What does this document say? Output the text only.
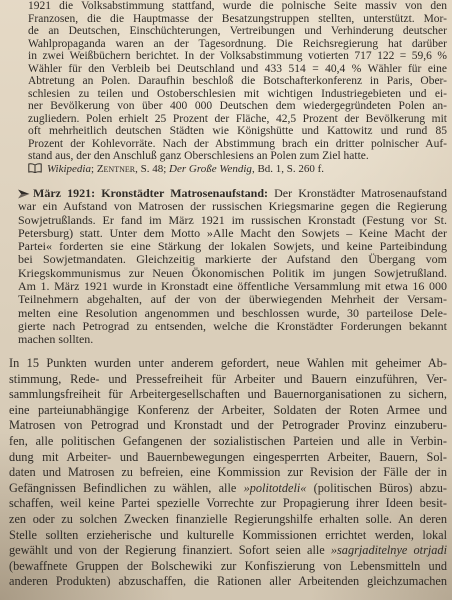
1921 die Volksabstimmung stattfand, wurde die polnische Seite massiv von den
Franzosen, die die Hauptmasse der Besatzungstruppen stellten, unterstützt. Mor-
de an Deutschen, Einschüchterungen, Vertreibungen und Verhinderung deutscher
Wahlpropaganda waren an der Tagesordnung. Die Reichsregierung hat darüber
in zwei Weißbüchern berichtet. In der Volksabstimmung votierten 717 122 = 59,6 %
Wähler für den Verbleib bei Deutschland und 433 514 = 40,4 % Wähler für eine
Abtretung an Polen. Daraufhin beschloß die Botschafterkonferenz in Paris, Ober-
schlesien zu teilen und Ostoberschlesien mit wichtigen Industriegebieten und ei-
ner Bevölkerung von über 400 000 Deutschen dem wiedergegründeten Polen an-
zugliedern. Polen erhielt 25 Prozent der Fläche, 42,5 Prozent der Bevölkerung mit
oft mehrheitlich deutschen Städten wie Königshütte und Kattowitz und rund 85
Prozent der Kohlevorräte. Nach der Abstimmung brach ein dritter polnischer Auf-
stand aus, der den Anschluß ganz Oberschlesiens an Polen zum Ziel hatte.
Wikipedia; Zentner, S. 48; Der Große Wendig, Bd. 1, S. 260 f.
März 1921: Kronstädter Matrosenaufstand: Der Kronstädter Matrosenaufstand
war ein Aufstand von Matrosen der russischen Kriegsmarine gegen die Regierung
Sowjetrußlands. Er fand im März 1921 im russischen Kronstadt (Festung vor St.
Petersburg) statt. Unter dem Motto »Alle Macht den Sowjets – Keine Macht der
Partei« forderten sie eine Stärkung der lokalen Sowjets, und keine Parteibindung
bei Sowjetmandaten. Gleichzeitig markierte der Aufstand den Übergang vom
Kriegskommunismus zur Neuen Ökonomischen Politik im jungen Sowjetrußland.
Am 1. März 1921 wurde in Kronstadt eine öffentliche Versammlung mit etwa 16 000
Teilnehmern abgehalten, auf der von der überwiegenden Mehrheit der Versam-
melten eine Resolution angenommen und beschlossen wurde, 30 parteilose Dele-
gierte nach Petrograd zu entsenden, welche die Kronstädter Forderungen bekannt
machen sollten.
In 15 Punkten wurden unter anderem gefordert, neue Wahlen mit geheimer Ab-
stimmung, Rede- und Pressefreiheit für Arbeiter und Bauern einzuführen, Ver-
sammlungsfreiheit für Arbeitergesellschaften und Bauernorganisationen zu sichern,
eine parteiunabhängige Konferenz der Arbeiter, Soldaten der Roten Armee und
Matrosen von Petrograd und Kronstadt und der Petrograder Provinz einzuberu-
fen, alle politischen Gefangenen der sozialistischen Parteien und alle in Verbin-
dung mit Arbeiter- und Bauernbewegungen eingesperrten Arbeiter, Bauern, Sol-
daten und Matrosen zu befreien, eine Kommission zur Revision der Fälle der in
Gefängnissen Befindlichen zu wählen, alle »politotdeli« (politischen Büros) abzu-
schaffen, weil keine Partei spezielle Vorrechte zur Propagierung ihrer Ideen besit-
zen oder zu solchen Zwecken finanzielle Regierungshilfe erhalten solle. An deren
Stelle sollten erzieherische und kulturelle Kommissionen errichtet werden, lokal
gewählt und von der Regierung finanziert. Sofort seien alle »sagrjaditelnye otrjadi
(bewaffnete Gruppen der Bolschewiki zur Konfiszierung von Lebensmitteln und
anderen Produkten) abzuschaffen, die Rationen aller Arbeitenden gleichzumachen
